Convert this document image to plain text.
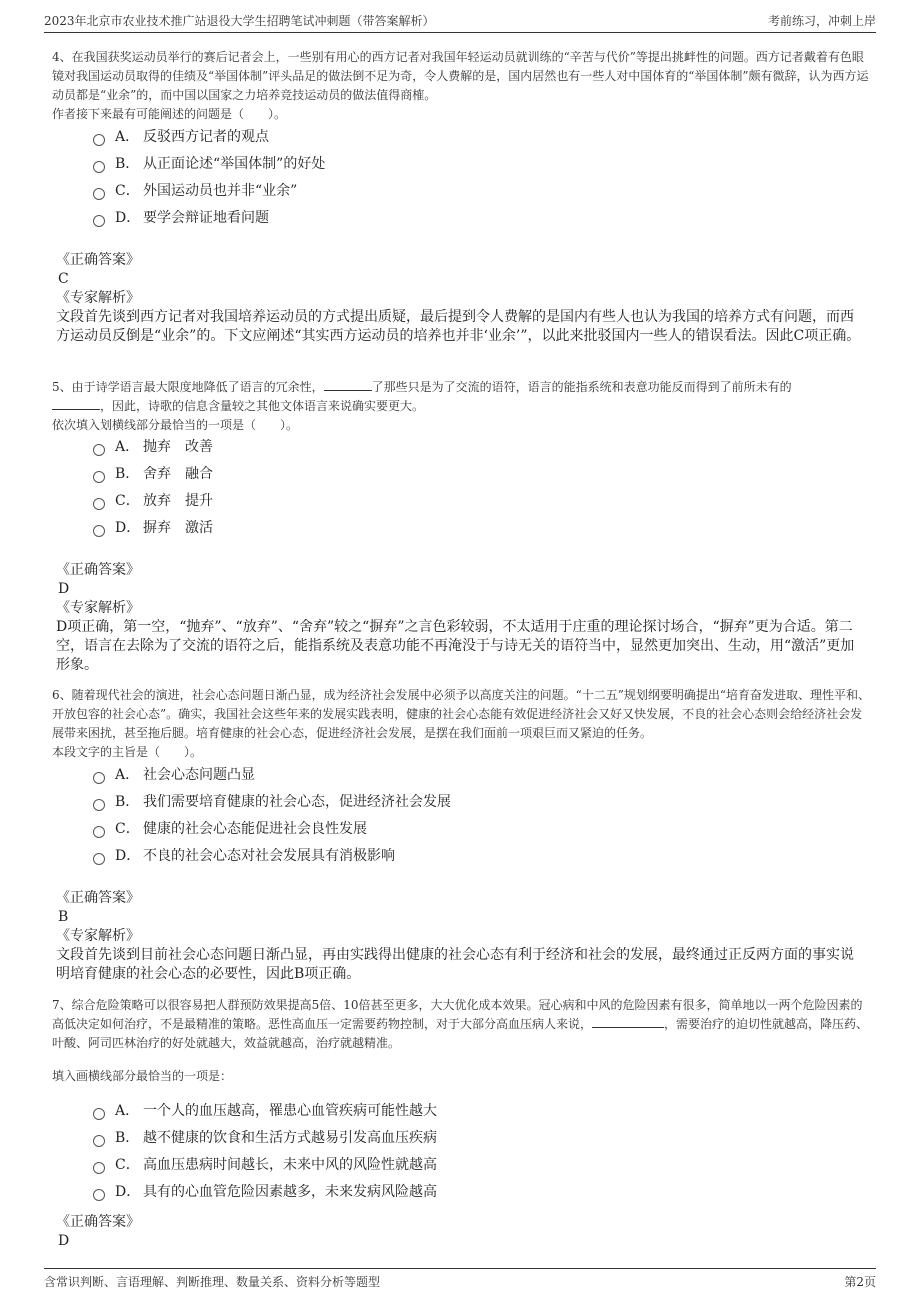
2023年北京市农业技术推广站退役大学生招聘笔试冲刺题（带答案解析）	考前练习，冲刺上岸

4、在我国获奖运动员举行的赛后记者会上，一些别有用心的西方记者对我国年轻运动员就训练的“辛苦与代价”等提出挑衅性的问题。西方记者戴着有色眼镜对我国运动员取得的佳绩及“举国体制”评头品足的做法倒不足为奇，令人费解的是，国内居然也有一些人对中国体育的“举国体制”颇有微辞，认为西方运动员都是“业余”的，而中国以国家之力培养竞技运动员的做法值得商榷。

作者接下来最有可能阐述的问题是（　　）。

A． 反驳西方记者的观点
B． 从正面论述“举国体制”的好处
C． 外国运动员也并非“业余”
D． 要学会辩证地看问题
《正确答案》
C
《专家解析》
文段首先谈到西方记者对我国培养运动员的方式提出质疑，最后提到令人费解的是国内有些人也认为我国的培养方式有问题，而西方运动员反倒是“业余”的。下文应阐述“其实西方运动员的培养也并非‘业余’”，以此来批驳国内一些人的错误看法。因此C项正确。

5、由于诗学语言最大限度地降低了语言的冗余性，	了那些只是为了交流的语符，语言的能指系统和表意功能反而得到了前所未有的

，因此，诗歌的信息含量较之其他文体语言来说确实要更大。

依次填入划横线部分最恰当的一项是（　　）。

A． 抛弃　改善
B． 舍弃　融合
C． 放弃　提升
D． 摒弃　激活
《正确答案》
D
《专家解析》
D项正确，第一空，“抛弃”、“放弃”、“舍弃”较之“摒弃”之言色彩较弱，不太适用于庄重的理论探讨场合，“摒弃”更为合适。第二空，语言在去除为了交流的语符之后，能指系统及表意功能不再淹没于与诗无关的语符当中，显然更加突出、生动，用“激活”更加形象。

6、随着现代社会的演进，社会心态问题日渐凸显，成为经济社会发展中必须予以高度关注的问题。“十二五”规划纲要明确提出“培育奋发进取、理性平和、开放包容的社会心态”。确实，我国社会这些年来的发展实践表明，健康的社会心态能有效促进经济社会又好又快发展，不良的社会心态则会给经济社会发展带来困扰，甚至拖后腿。培育健康的社会心态，促进经济社会发展，是摆在我们面前一项艰巨而又紧迫的任务。

本段文字的主旨是（　　）。

A． 社会心态问题凸显
B． 我们需要培育健康的社会心态，促进经济社会发展
C． 健康的社会心态能促进社会良性发展
D． 不良的社会心态对社会发展具有消极影响
《正确答案》
B
《专家解析》
文段首先谈到目前社会心态问题日渐凸显，再由实践得出健康的社会心态有利于经济和社会的发展，最终通过正反两方面的事实说明培育健康的社会心态的必要性，因此B项正确。

7、综合危险策略可以很容易把人群预防效果提高5倍、10倍甚至更多，大大优化成本效果。冠心病和中风的危险因素有很多，简单地以一两个危险因素的高低决定如何治疗，不是最精准的策略。恶性高血压一定需要药物控制，对于大部分高血压病人来说，	，需要治疗的迫切性就越高，降压药、叶酸、阿司匹林治疗的好处就越大，效益就越高，治疗就越精准。

填入画横线部分最恰当的一项是：

A． 一个人的血压越高，罹患心血管疾病可能性越大
B． 越不健康的饮食和生活方式越易引发高血压疾病
C． 高血压患病时间越长，未来中风的风险性就越高
D． 具有的心血管危险因素越多，未来发病风险越高
《正确答案》
D
含常识判断、言语理解、判断推理、数量关系、资料分析等题型	第2页
